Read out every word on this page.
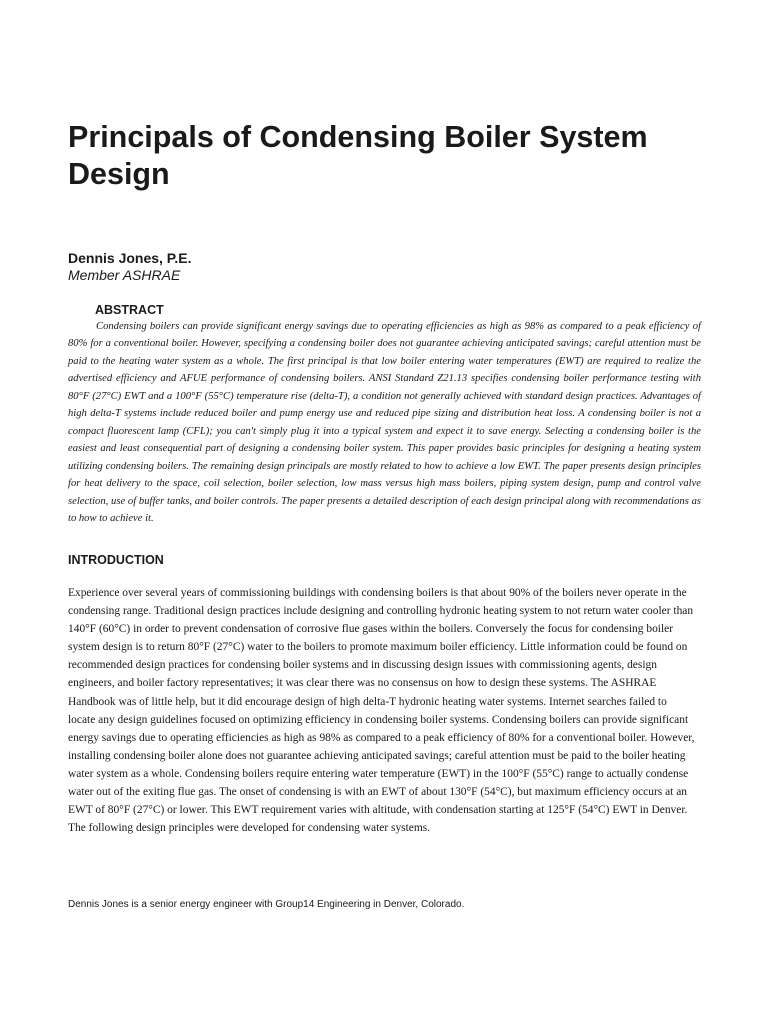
Principals of Condensing Boiler System Design
Dennis Jones, P.E.
Member ASHRAE
ABSTRACT

Condensing boilers can provide significant energy savings due to operating efficiencies as high as 98% as compared to a peak efficiency of 80% for a conventional boiler. However, specifying a condensing boiler does not guarantee achieving anticipated savings; careful attention must be paid to the heating water system as a whole. The first principal is that low boiler entering water temperatures (EWT) are required to realize the advertised efficiency and AFUE performance of condensing boilers. ANSI Standard Z21.13 specifies condensing boiler performance testing with 80°F (27°C) EWT and a 100°F (55°C) temperature rise (delta-T), a condition not generally achieved with standard design practices. Advantages of high delta-T systems include reduced boiler and pump energy use and reduced pipe sizing and distribution heat loss. A condensing boiler is not a compact fluorescent lamp (CFL); you can't simply plug it into a typical system and expect it to save energy. Selecting a condensing boiler is the easiest and least consequential part of designing a condensing boiler system. This paper provides basic principles for designing a heating system utilizing condensing boilers. The remaining design principals are mostly related to how to achieve a low EWT. The paper presents design principles for heat delivery to the space, coil selection, boiler selection, low mass versus high mass boilers, piping system design, pump and control valve selection, use of buffer tanks, and boiler controls. The paper presents a detailed description of each design principal along with recommendations as to how to achieve it.

INTRODUCTION

Experience over several years of commissioning buildings with condensing boilers is that about 90% of the boilers never operate in the condensing range. Traditional design practices include designing and controlling hydronic heating system to not return water cooler than 140°F (60°C) in order to prevent condensation of corrosive flue gases within the boilers. Conversely the focus for condensing boiler system design is to return 80°F (27°C) water to the boilers to promote maximum boiler efficiency. Little information could be found on recommended design practices for condensing boiler systems and in discussing design issues with commissioning agents, design engineers, and boiler factory representatives; it was clear there was no consensus on how to design these systems. The ASHRAE Handbook was of little help, but it did encourage design of high delta-T hydronic heating water systems. Internet searches failed to locate any design guidelines focused on optimizing efficiency in condensing boiler systems. Condensing boilers can provide significant energy savings due to operating efficiencies as high as 98% as compared to a peak efficiency of 80% for a conventional boiler. However, installing condensing boiler alone does not guarantee achieving anticipated savings; careful attention must be paid to the boiler heating water system as a whole. Condensing boilers require entering water temperature (EWT) in the 100°F (55°C) range to actually condense water out of the exiting flue gas. The onset of condensing is with an EWT of about 130°F (54°C), but maximum efficiency occurs at an EWT of 80°F (27°C) or lower. This EWT requirement varies with altitude, with condensation starting at 125°F (54°C) EWT in Denver. The following design principles were developed for condensing water systems.

Dennis Jones is a senior energy engineer with Group14 Engineering in Denver, Colorado.
